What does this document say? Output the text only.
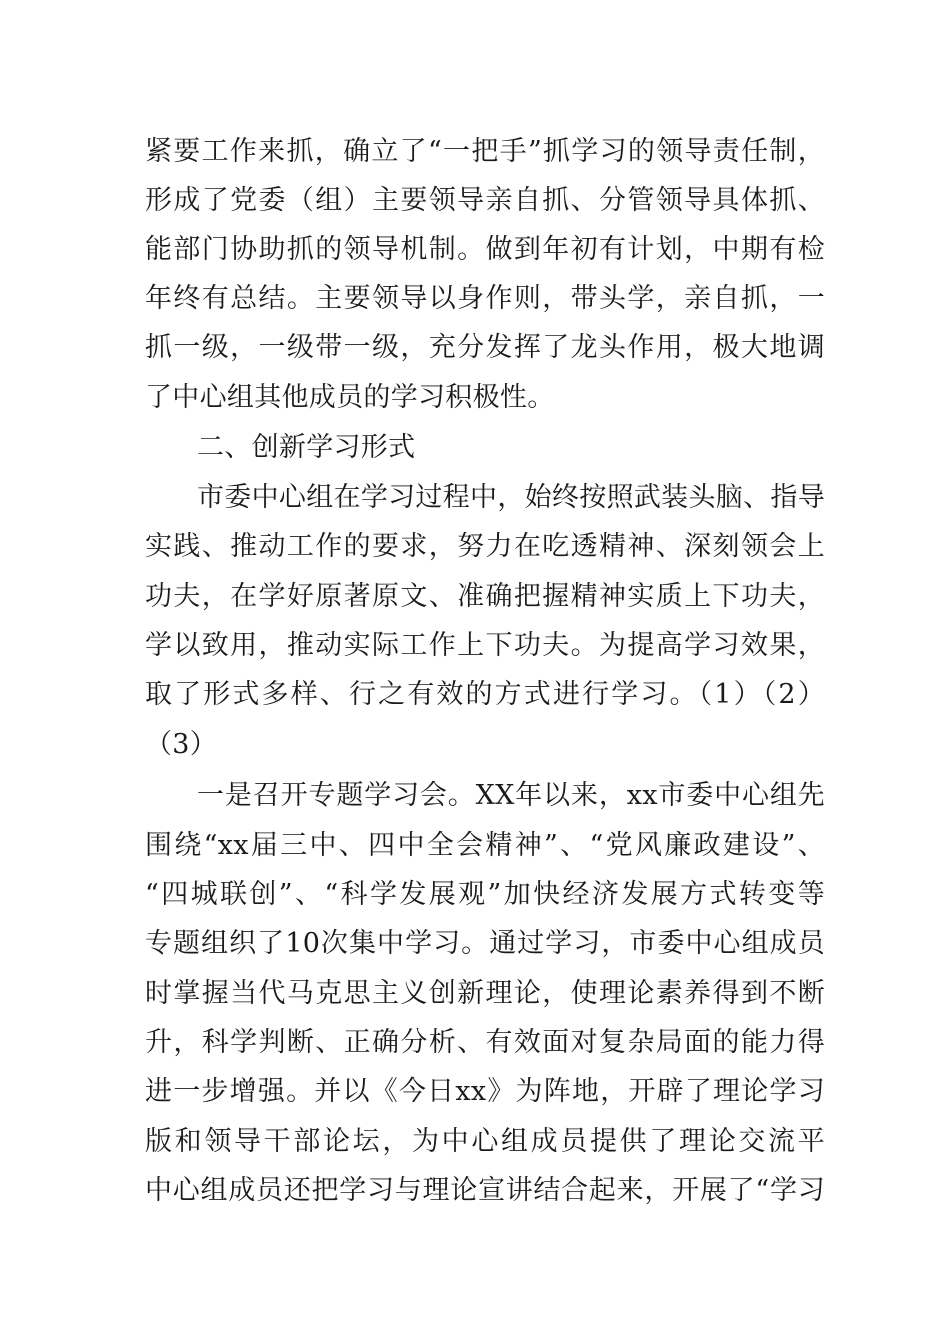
紧要工作来抓，确立了“一把手”抓学习的领导责任制，
形成了党委（组）主要领导亲自抓、分管领导具体抓、
能部门协助抓的领导机制。做到年初有计划，中期有检
年终有总结。主要领导以身作则，带头学，亲自抓，一
抓一级，一级带一级，充分发挥了龙头作用，极大地调
了中心组其他成员的学习积极性。
二、创新学习形式
市委中心组在学习过程中，始终按照武装头脑、指导
实践、推动工作的要求，努力在吃透精神、深刻领会上
功夫，在学好原著原文、准确把握精神实质上下功夫，
学以致用，推动实际工作上下功夫。为提高学习效果，
取了形式多样、行之有效的方式进行学习。（1）（2）
（3）
一是召开专题学习会。XX年以来，xx市委中心组先
围绕“xx届三中、四中全会精神”、“党风廉政建设”、
“四城联创”、“科学发展观”加快经济发展方式转变等
专题组织了10次集中学习。通过学习，市委中心组成员
时掌握当代马克思主义创新理论，使理论素养得到不断
升，科学判断、正确分析、有效面对复杂局面的能力得
进一步增强。并以《今日xx》为阵地，开辟了理论学习
版和领导干部论坛，为中心组成员提供了理论交流平
中心组成员还把学习与理论宣讲结合起来，开展了“学习
